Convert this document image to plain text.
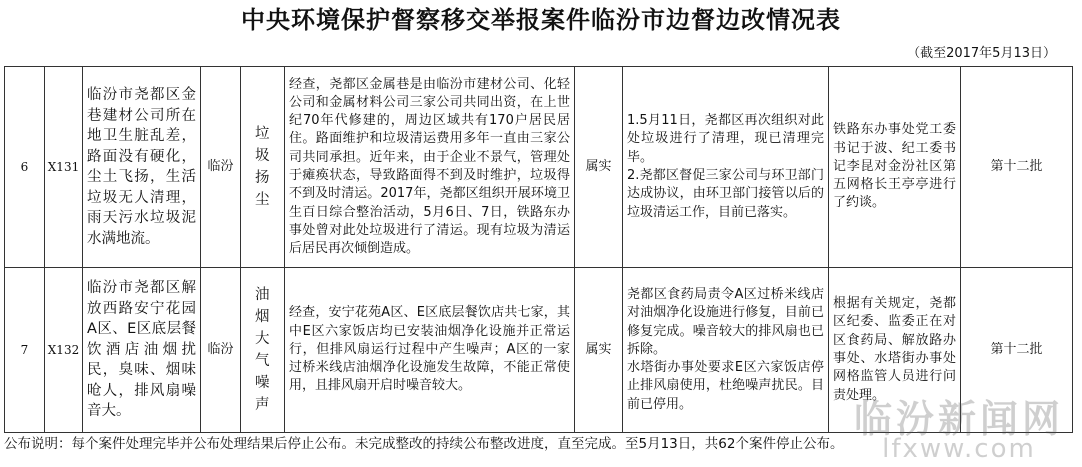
中央环境保护督察移交举报案件临汾市边督边改情况表
（截至2017年5月13日）
6	X131	临汾市尧都区金巷建材公司所在地卫生脏乱差，路面没有硬化，尘土飞扬，生活垃圾无人清理，雨天污水垃圾泥水满地流。	临汾	垃圾扬尘	经查，尧都区金属巷是由临汾市建材公司、化轻公司和金属材料公司三家公司共同出资，在上世纪70年代修建的，周边区域共有170户居民居住。路面维护和垃圾清运费用多年一直由三家公司共同承担。近年来，由于企业不景气，管理处于瘫痪状态，导致路面得不到及时维护，垃圾得不到及时清运。2017年，尧都区组织开展环境卫生百日综合整治活动，5月6日、7日，铁路东办事处曾对此处垃圾进行了清运。现有垃圾为清运后居民再次倾倒造成。	属实	1.5月11日，尧都区再次组织对此处垃圾进行了清理，现已清理完毕。
2.尧都区督促三家公司与环卫部门达成协议，由环卫部门接管以后的垃圾清运工作，目前已落实。	铁路东办事处党工委书记于波、纪工委书记李昆对金汾社区第五网格长王亭亭进行了约谈。	第十二批
7	X132	临汾市尧都区解放西路安宁花园A区、E区底层餐饮酒店油烟扰民，臭味、烟味呛人，排风扇噪音大。	临汾	油烟大气噪声	经查，安宁花苑A区、E区底层餐饮店共七家，其中E区六家饭店均已安装油烟净化设施并正常运行，但排风扇运行过程中产生噪声；A区的一家过桥米线店油烟净化设施发生故障，不能正常使用，且排风扇开启时噪音较大。	属实	尧都区食药局责令A区过桥米线店对油烟净化设施进行修复，目前已修复完成。噪音较大的排风扇也已拆除。
水塔街办事处要求E区六家饭店停止排风扇使用，杜绝噪声扰民。目前已停用。	根据有关规定，尧都区纪委、监委正在对区食药局、解放路办事处、水塔街办事处网格监管人员进行问责处理。	第十二批
公布说明：每个案件处理完毕并公布处理结果后停止公布。未完成整改的持续公布整改进度，直至完成。至5月13日，共62个案件停止公布。
临汾新闻网
lfxww.com
